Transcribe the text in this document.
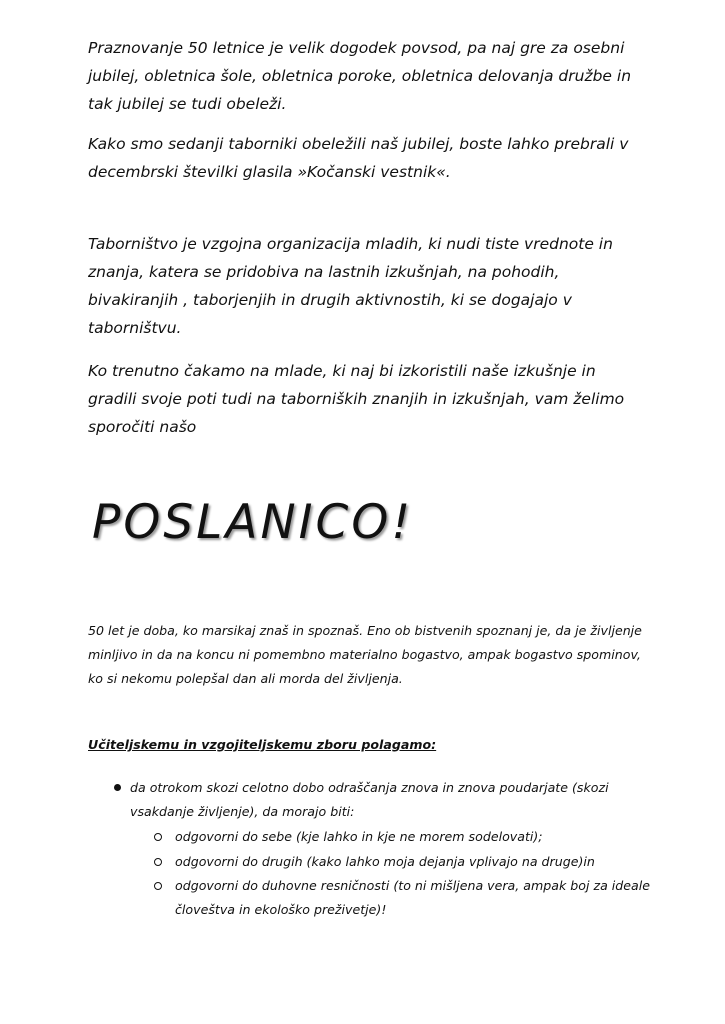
Praznovanje 50 letnice je velik dogodek povsod, pa naj gre za osebni jubilej, obletnica šole, obletnica poroke, obletnica delovanja družbe in tak jubilej se tudi obeleži.

Kako smo sedanji taborniki obeležili naš jubilej, boste lahko prebrali v decembrski številki glasila »Kočanski vestnik«.

Taborništvo je vzgojna organizacija mladih, ki nudi tiste vrednote in znanja, katera se pridobiva na lastnih izkušnjah, na pohodih, bivakiranjih , taborjenjih in drugih aktivnostih, ki se dogajajo v taborništvu.

Ko trenutno čakamo na mlade, ki naj bi izkoristili naše izkušnje in gradili svoje poti tudi na taborniških znanjih in izkušnjah, vam želimo sporočiti našo

POSLANICO!

50 let je doba, ko marsikaj znaš in spoznaš. Eno ob bistvenih spoznanj je, da je življenje minljivo in da na koncu ni pomembno materialno bogastvo, ampak bogastvo spominov, ko si nekomu polepšal dan ali morda del življenja.

Učiteljskemu in vzgojiteljskemu zboru polagamo:

da otrokom skozi celotno dobo odraščanja znova in znova poudarjate (skozi vsakdanje življenje), da morajo biti:

odgovorni do sebe (kje lahko in kje ne morem sodelovati);

odgovorni do drugih (kako lahko moja dejanja vplivajo na druge)in

odgovorni do duhovne resničnosti (to ni mišljena vera, ampak boj za ideale človeštva in ekološko preživetje)!
